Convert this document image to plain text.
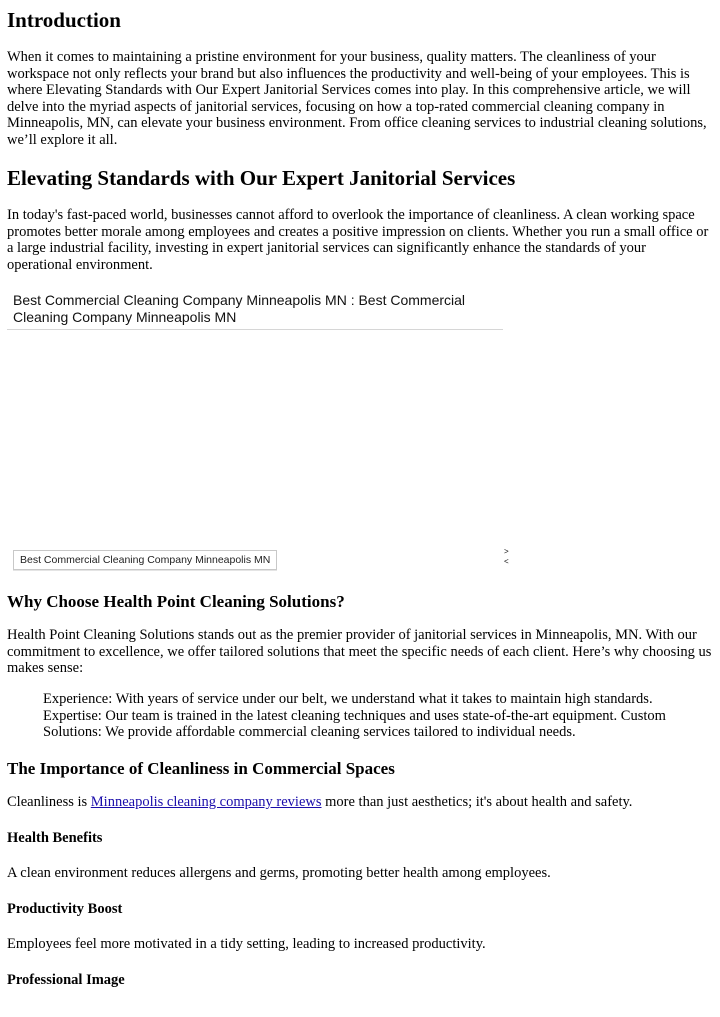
Introduction

When it comes to maintaining a pristine environment for your business, quality matters. The cleanliness of your workspace not only reflects your brand but also influences the productivity and well-being of your employees. This is where Elevating Standards with Our Expert Janitorial Services comes into play. In this comprehensive article, we will delve into the myriad aspects of janitorial services, focusing on how a top-rated commercial cleaning company in Minneapolis, MN, can elevate your business environment. From office cleaning services to industrial cleaning solutions, we’ll explore it all.

Elevating Standards with Our Expert Janitorial Services

In today's fast-paced world, businesses cannot afford to overlook the importance of cleanliness. A clean working space promotes better morale among employees and creates a positive impression on clients. Whether you run a small office or a large industrial facility, investing in expert janitorial services can significantly enhance the standards of your operational environment.

Best Commercial Cleaning Company Minneapolis MN : Best Commercial Cleaning Company Minneapolis MN
Best Commercial Cleaning Company Minneapolis MN
>
<
Why Choose Health Point Cleaning Solutions?

Health Point Cleaning Solutions stands out as the premier provider of janitorial services in Minneapolis, MN. With our commitment to excellence, we offer tailored solutions that meet the specific needs of each client. Here’s why choosing us makes sense:

Experience: With years of service under our belt, we understand what it takes to maintain high standards. Expertise: Our team is trained in the latest cleaning techniques and uses state-of-the-art equipment. Custom Solutions: We provide affordable commercial cleaning services tailored to individual needs.
The Importance of Cleanliness in Commercial Spaces

Cleanliness is Minneapolis cleaning company reviews more than just aesthetics; it's about health and safety.

Health Benefits

A clean environment reduces allergens and germs, promoting better health among employees.

Productivity Boost

Employees feel more motivated in a tidy setting, leading to increased productivity.

Professional Image
